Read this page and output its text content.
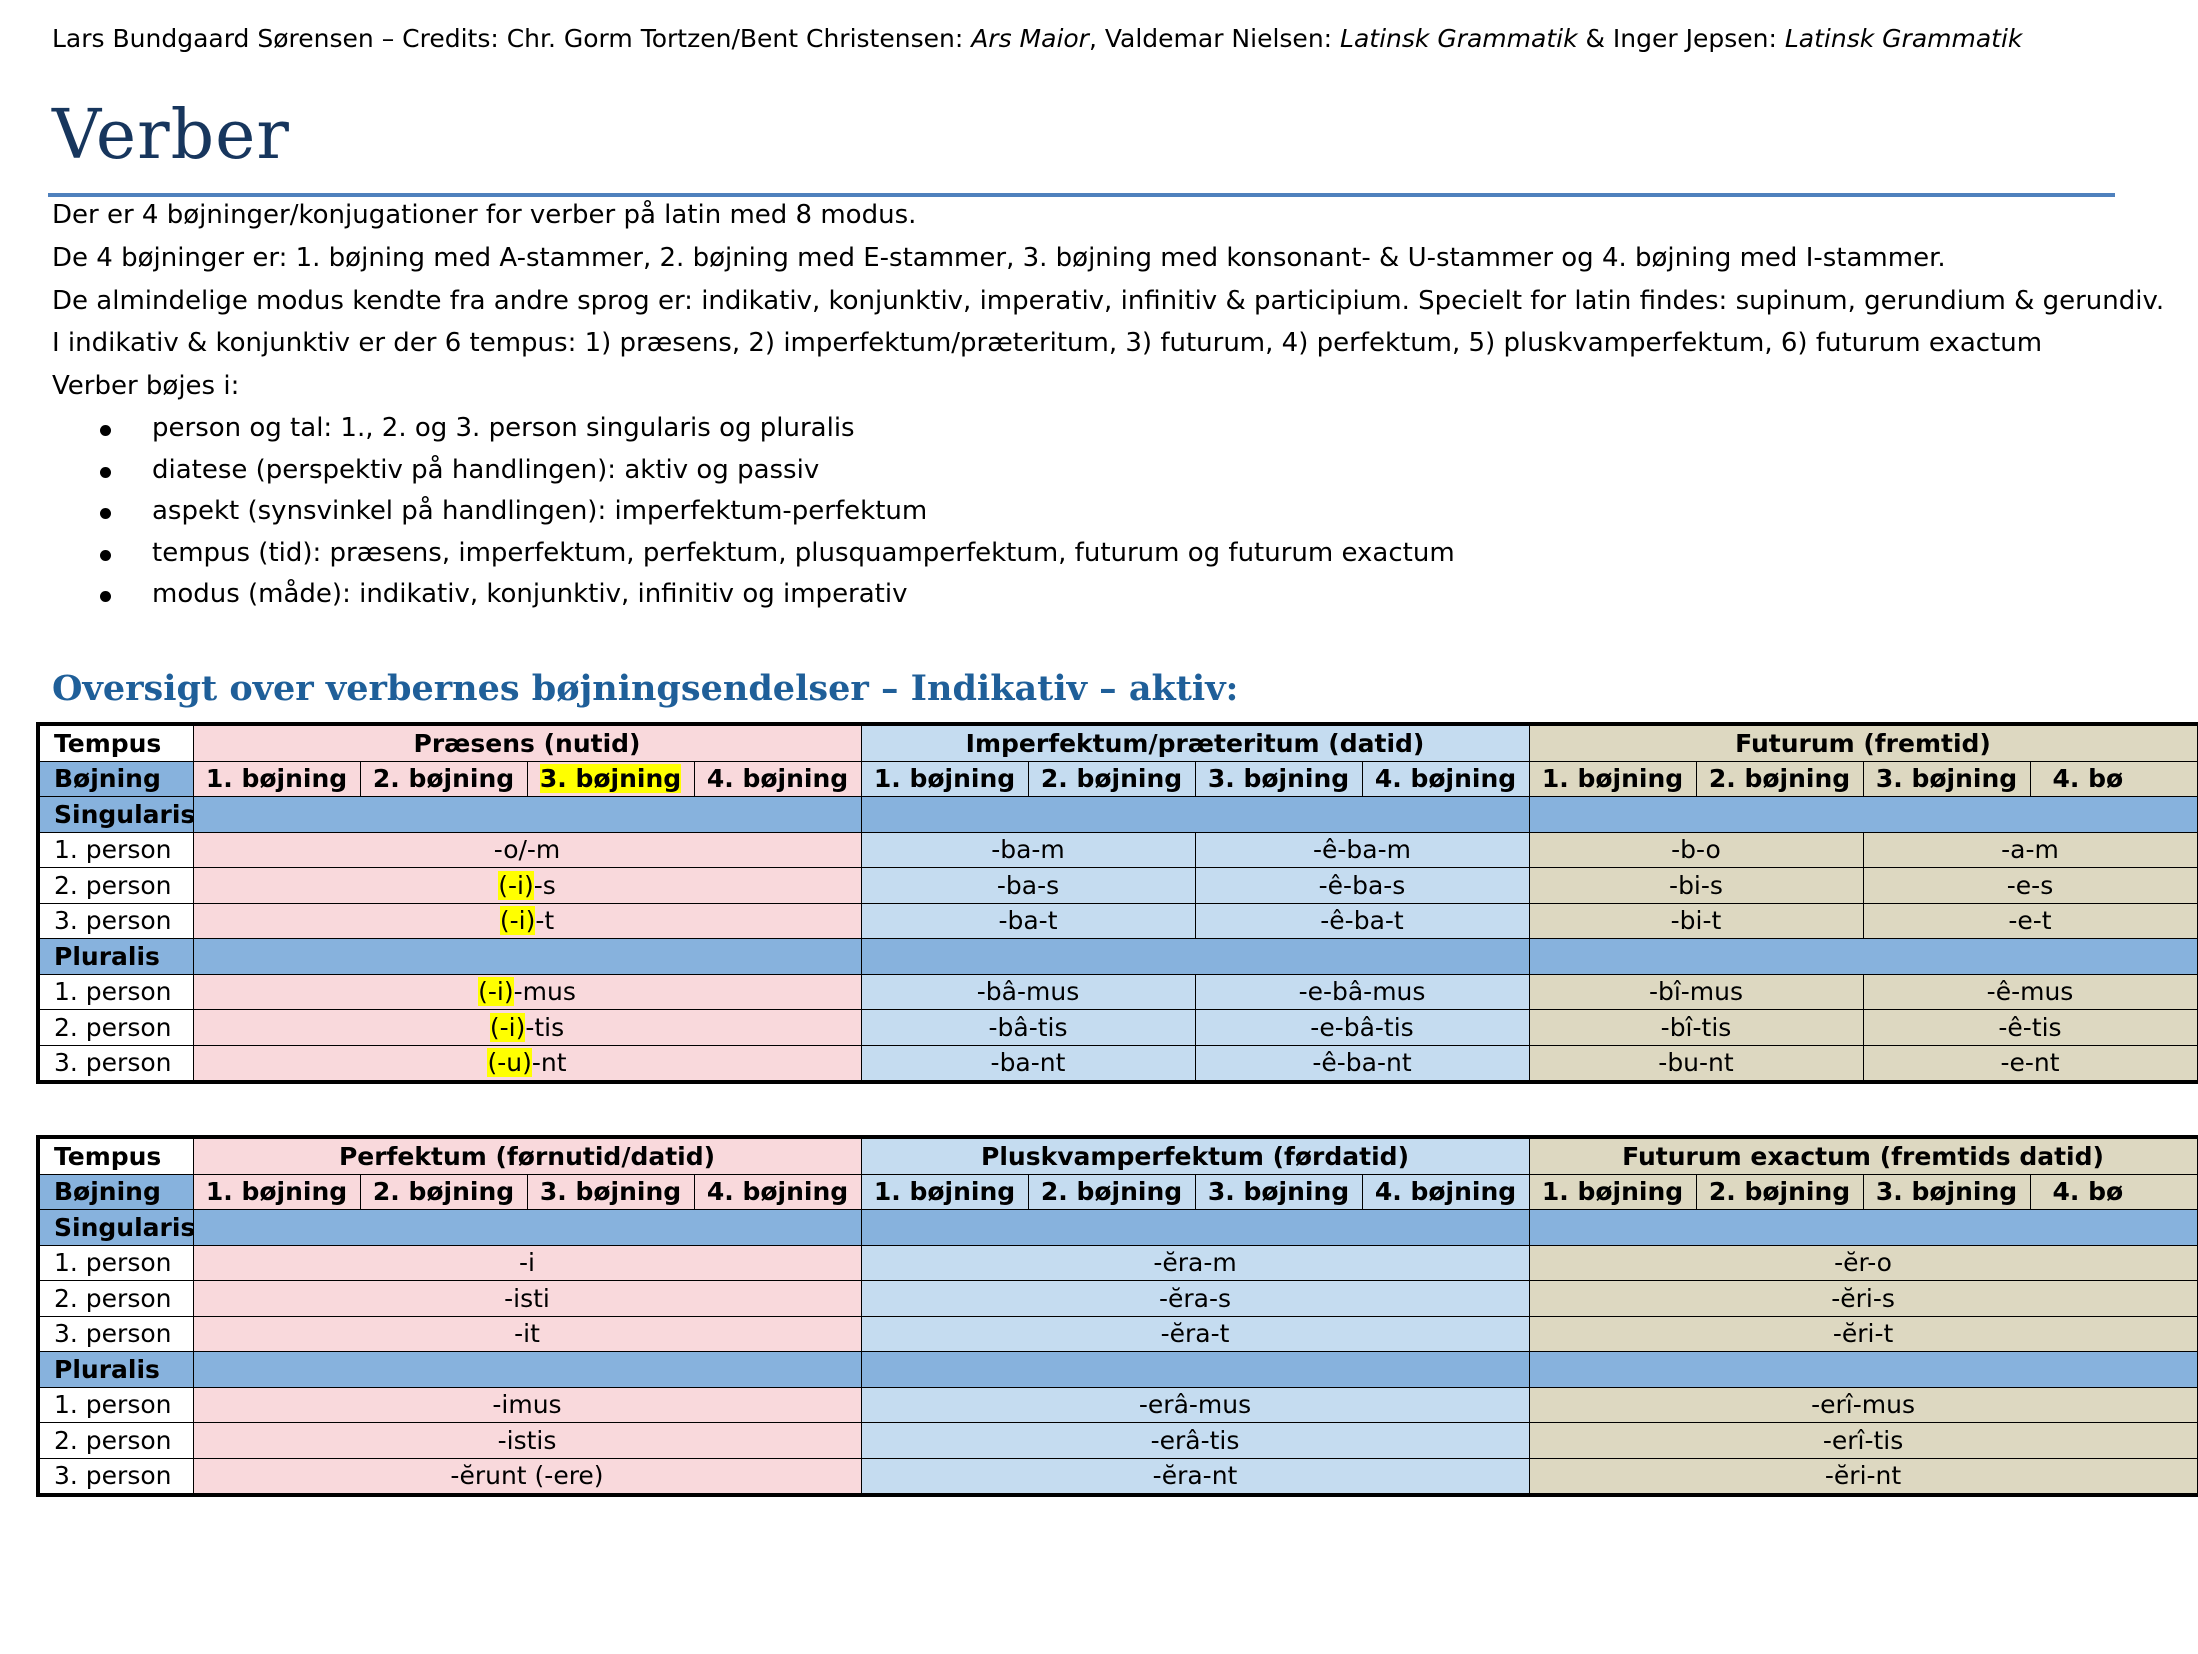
Lars Bundgaard Sørensen – Credits: Chr. Gorm Tortzen/Bent Christensen: Ars Maior, Valdemar Nielsen: Latinsk Grammatik & Inger Jepsen: Latinsk Grammatik
Verber
Der er 4 bøjninger/konjugationer for verber på latin med 8 modus.
De 4 bøjninger er: 1. bøjning med A-stammer, 2. bøjning med E-stammer, 3. bøjning med konsonant- & U-stammer og 4. bøjning med I-stammer.
De almindelige modus kendte fra andre sprog er: indikativ, konjunktiv, imperativ, infinitiv & participium. Specielt for latin findes: supinum, gerundium & gerundiv.
I indikativ & konjunktiv er der 6 tempus: 1) præsens, 2) imperfektum/præteritum, 3) futurum, 4) perfektum, 5) pluskvamperfektum, 6) futurum exactum
Verber bøjes i:
person og tal: 1., 2. og 3. person singularis og pluralis
diatese (perspektiv på handlingen): aktiv og passiv
aspekt (synsvinkel på handlingen): imperfektum-perfektum
tempus (tid): præsens, imperfektum, perfektum, plusquamperfektum, futurum og futurum exactum
modus (måde): indikativ, konjunktiv, infinitiv og imperativ
Oversigt over verbernes bøjningsendelser – Indikativ – aktiv:
Tempus	Præsens (nutid)				Imperfektum/præteritum (datid)				Futurum (fremtid)			
Bøjning	1. bøjning	2. bøjning	3. bøjning	4. bøjning	1. bøjning	2. bøjning	3. bøjning	4. bøjning	1. bøjning	2. bøjning	3. bøjning	4. bø
Singularis												
1. person	-o/-m				-ba-m		-ê-ba-m		-b-o		-a-m	
2. person	(-i)-s				-ba-s		-ê-ba-s		-bi-s		-e-s	
3. person	(-i)-t				-ba-t		-ê-ba-t		-bi-t		-e-t	
Pluralis												
1. person	(-i)-mus				-bâ-mus		-e-bâ-mus		-bî-mus		-ê-mus	
2. person	(-i)-tis				-bâ-tis		-e-bâ-tis		-bî-tis		-ê-tis	
3. person	(-u)-nt				-ba-nt		-ê-ba-nt		-bu-nt		-e-nt	
Tempus	Perfektum (førnutid/datid)				Pluskvamperfektum (førdatid)				Futurum exactum (fremtids datid)			
Bøjning	1. bøjning	2. bøjning	3. bøjning	4. bøjning	1. bøjning	2. bøjning	3. bøjning	4. bøjning	1. bøjning	2. bøjning	3. bøjning	4. bø
Singularis												
1. person	-i				-ĕra-m				-ĕr-o			
2. person	-isti				-ĕra-s				-ĕri-s			
3. person	-it				-ĕra-t				-ĕri-t			
Pluralis												
1. person	-imus				-erâ-mus				-erî-mus			
2. person	-istis				-erâ-tis				-erî-tis			
3. person	-ĕrunt (-ere)				-ĕra-nt				-ĕri-nt			
